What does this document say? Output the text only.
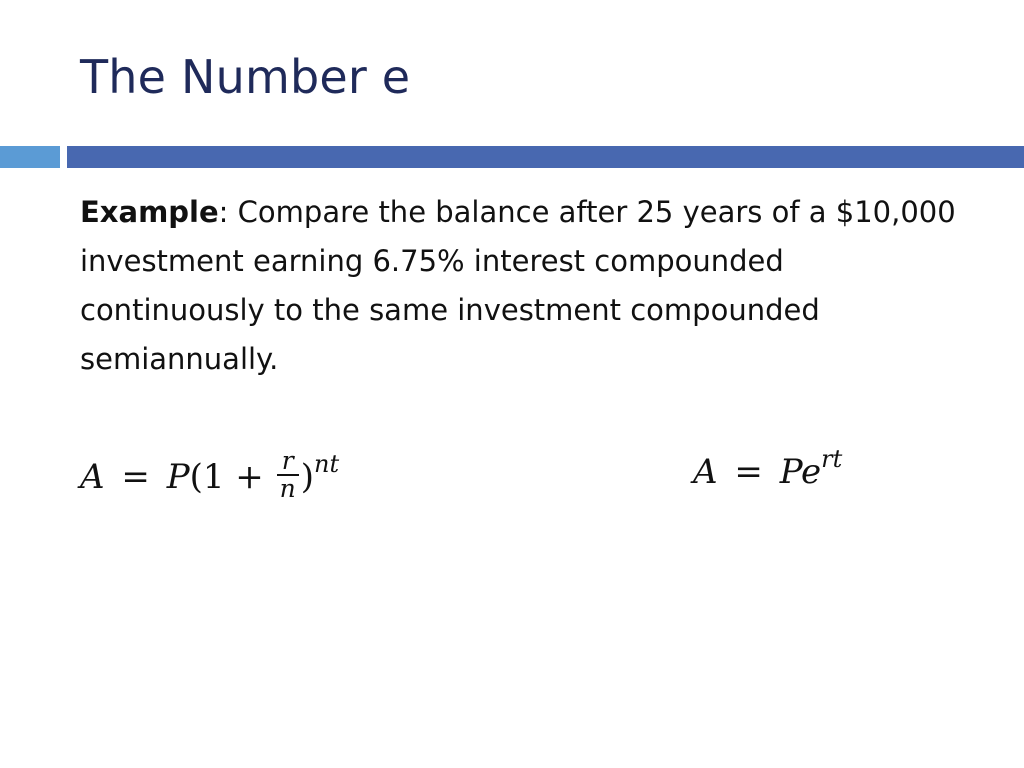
The Number e

Example: Compare the balance after 25 years of a $10,000 investment earning 6.75% interest compounded continuously to the same investment compounded semiannually.

$A = P(1 + \frac{r}{n} )^{nt}$	$A = Pe^{rt}$
